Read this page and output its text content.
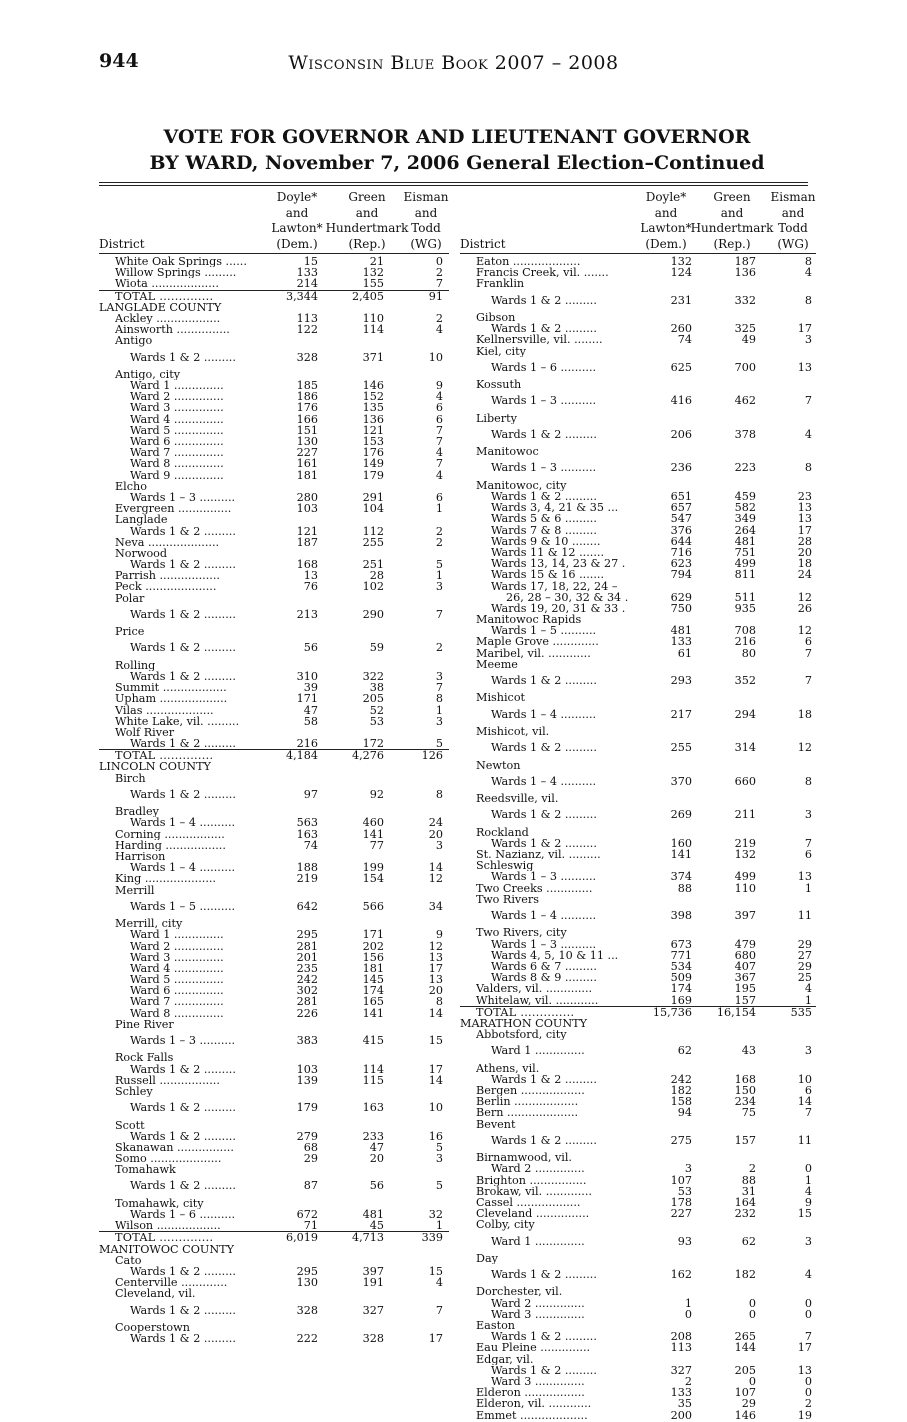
944	Wisconsin Blue Book 2007 – 2008
VOTE FOR GOVERNOR AND LIEUTENANT GOVERNOR
BY WARD, November 7, 2006 General Election–Continued
District
Doyle*
and
Lawton*
(Dem.)
Green
and
Hundertmark
(Rep.)
Eisman
and
Todd
(WG)
White Oak Springs ......	15	21	0
Willow Springs .........	133	132	2
Wiota ...................	214	155	7
TOTAL ..............	3,344	2,405	91
LANGLADE COUNTY
Ackley ..................	113	110	2
Ainsworth ...............	122	114	4
Antigo
Wards 1 & 2 .........	328	371	10
Antigo, city
Ward 1 ..............	185	146	9
Ward 2 ..............	186	152	4
Ward 3 ..............	176	135	6
Ward 4 ..............	166	136	6
Ward 5 ..............	151	121	7
Ward 6 ..............	130	153	7
Ward 7 ..............	227	176	4
Ward 8 ..............	161	149	7
Ward 9 ..............	181	179	4
Elcho
Wards 1 – 3 ..........	280	291	6
Evergreen ...............	103	104	1
Langlade
Wards 1 & 2 .........	121	112	2
Neva ....................	187	255	2
Norwood
Wards 1 & 2 .........	168	251	5
Parrish .................	13	28	1
Peck ....................	76	102	3
Polar
Wards 1 & 2 .........	213	290	7
Price
Wards 1 & 2 .........	56	59	2
Rolling
Wards 1 & 2 .........	310	322	3
Summit ..................	39	38	7
Upham ...................	171	205	8
Vilas ...................	47	52	1
White Lake, vil. .........	58	53	3
Wolf River
Wards 1 & 2 .........	216	172	5
TOTAL ..............	4,184	4,276	126
LINCOLN COUNTY
Birch
Wards 1 & 2 .........	97	92	8
Bradley
Wards 1 – 4 ..........	563	460	24
Corning .................	163	141	20
Harding .................	74	77	3
Harrison
Wards 1 – 4 ..........	188	199	14
King ....................	219	154	12
Merrill
Wards 1 – 5 ..........	642	566	34
Merrill, city
Ward 1 ..............	295	171	9
Ward 2 ..............	281	202	12
Ward 3 ..............	201	156	13
Ward 4 ..............	235	181	17
Ward 5 ..............	242	145	13
Ward 6 ..............	302	174	20
Ward 7 ..............	281	165	8
Ward 8 ..............	226	141	14
Pine River
Wards 1 – 3 ..........	383	415	15
Rock Falls
Wards 1 & 2 .........	103	114	17
Russell .................	139	115	14
Schley
Wards 1 & 2 .........	179	163	10
Scott
Wards 1 & 2 .........	279	233	16
Skanawan ................	68	47	5
Somo ....................	29	20	3
Tomahawk
Wards 1 & 2 .........	87	56	5
Tomahawk, city
Wards 1 – 6 ..........	672	481	32
Wilson ..................	71	45	1
TOTAL ..............	6,019	4,713	339
MANITOWOC COUNTY
Cato
Wards 1 & 2 .........	295	397	15
Centerville .............	130	191	4
Cleveland, vil.
Wards 1 & 2 .........	328	327	7
Cooperstown
Wards 1 & 2 .........	222	328	17
District
Doyle*
and
Lawton*
(Dem.)
Green
and
Hundertmark
(Rep.)
Eisman
and
Todd
(WG)
Eaton ...................	132	187	8
Francis Creek, vil. .......	124	136	4
Franklin
Wards 1 & 2 .........	231	332	8
Gibson
Wards 1 & 2 .........	260	325	17
Kellnersville, vil. ........	74	49	3
Kiel, city
Wards 1 – 6 ..........	625	700	13
Kossuth
Wards 1 – 3 ..........	416	462	7
Liberty
Wards 1 & 2 .........	206	378	4
Manitowoc
Wards 1 – 3 ..........	236	223	8
Manitowoc, city
Wards 1 & 2 .........	651	459	23
Wards 3, 4, 21 & 35 ...	657	582	13
Wards 5 & 6 .........	547	349	13
Wards 7 & 8 .........	376	264	17
Wards 9 & 10 ........	644	481	28
Wards 11 & 12 .......	716	751	20
Wards 13, 14, 23 & 27 .	623	499	18
Wards 15 & 16 .......	794	811	24
Wards 17, 18, 22, 24 –
26, 28 – 30, 32 & 34 .	629	511	12
Wards 19, 20, 31 & 33 .	750	935	26
Manitowoc Rapids
Wards 1 – 5 ..........	481	708	12
Maple Grove .............	133	216	6
Maribel, vil. ............	61	80	7
Meeme
Wards 1 & 2 .........	293	352	7
Mishicot
Wards 1 – 4 ..........	217	294	18
Mishicot, vil.
Wards 1 & 2 .........	255	314	12
Newton
Wards 1 – 4 ..........	370	660	8
Reedsville, vil.
Wards 1 & 2 .........	269	211	3
Rockland
Wards 1 & 2 .........	160	219	7
St. Nazianz, vil. .........	141	132	6
Schleswig
Wards 1 – 3 ..........	374	499	13
Two Creeks .............	88	110	1
Two Rivers
Wards 1 – 4 ..........	398	397	11
Two Rivers, city
Wards 1 – 3 ..........	673	479	29
Wards 4, 5, 10 & 11 ...	771	680	27
Wards 6 & 7 .........	534	407	29
Wards 8 & 9 .........	509	367	25
Valders, vil. .............	174	195	4
Whitelaw, vil. ............	169	157	1
TOTAL ..............	15,736 16,154	535
MARATHON COUNTY
Abbotsford, city
Ward 1 ..............	62	43	3
Athens, vil.
Wards 1 & 2 .........	242	168	10
Bergen ..................	182	150	6
Berlin ..................	158	234	14
Bern ....................	94	75	7
Bevent
Wards 1 & 2 .........	275	157	11
Birnamwood, vil.
Ward 2 ..............	3	2	0
Brighton ................	107	88	1
Brokaw, vil. .............	53	31	4
Cassel ..................	178	164	9
Cleveland ...............	227	232	15
Colby, city
Ward 1 ..............	93	62	3
Day
Wards 1 & 2 .........	162	182	4
Dorchester, vil.
Ward 2 ..............	1	0	0
Ward 3 ..............	0	0	0
Easton
Wards 1 & 2 .........	208	265	7
Eau Pleine ..............	113	144	17
Edgar, vil.
Wards 1 & 2 .........	327	205	13
Ward 3 ..............	2	0	0
Elderon .................	133	107	0
Elderon, vil. ............	35	29	2
Emmet ...................	200	146	19
